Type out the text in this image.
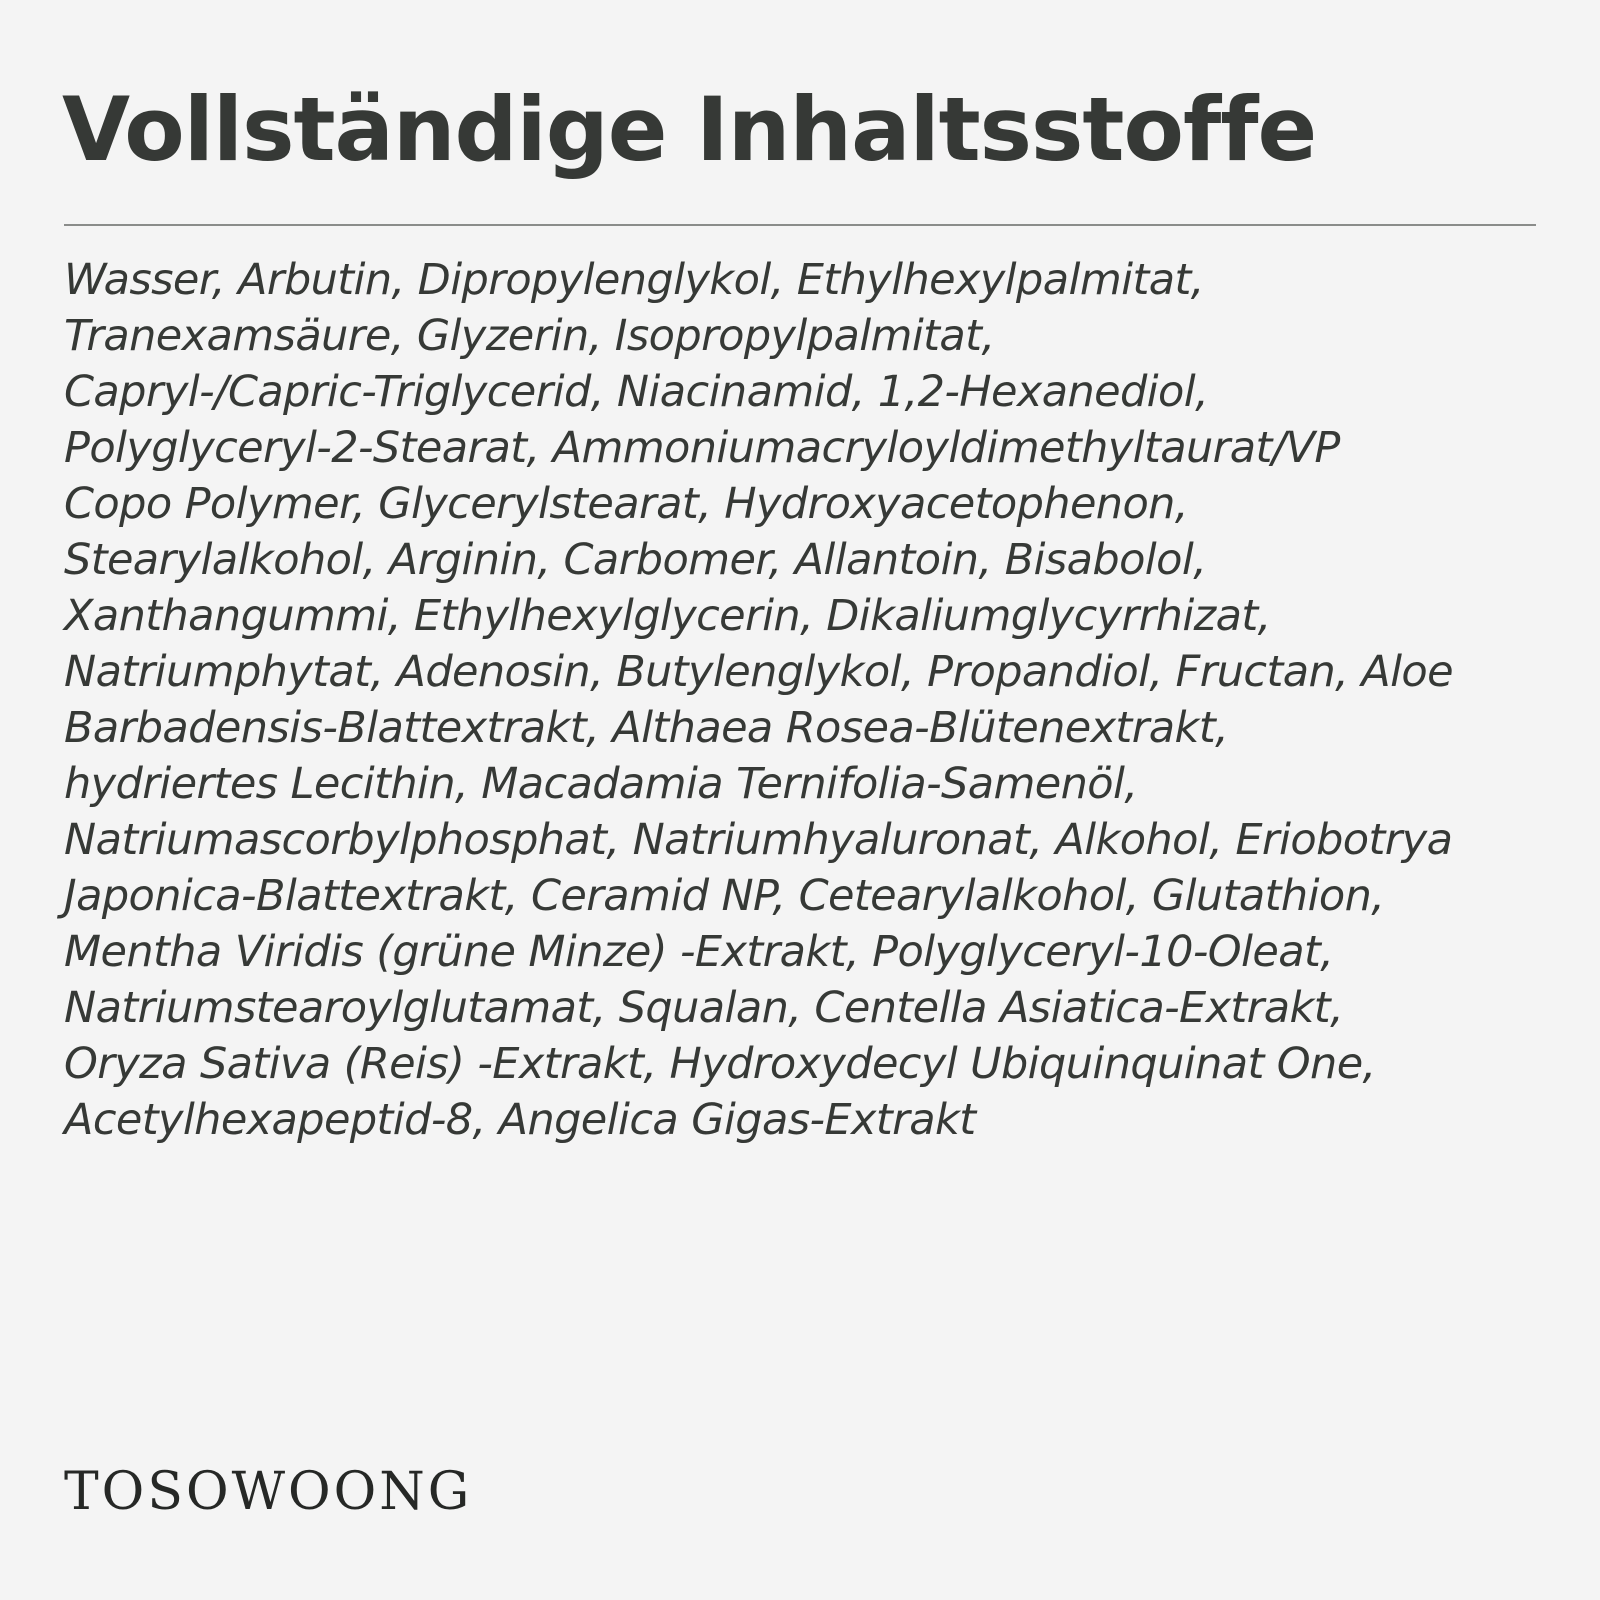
Vollständige Inhaltsstoffe

Wasser, Arbutin, Dipropylenglykol, Ethylhexylpalmitat,
Tranexamsäure, Glyzerin, Isopropylpalmitat,
Capryl-/Capric-Triglycerid, Niacinamid, 1,2-Hexanediol,
Polyglyceryl-2-Stearat, Ammoniumacryloyldimethyltaurat/VP
Copo Polymer, Glycerylstearat, Hydroxyacetophenon,
Stearylalkohol, Arginin, Carbomer, Allantoin, Bisabolol,
Xanthangummi, Ethylhexylglycerin, Dikaliumglycyrrhizat,
Natriumphytat, Adenosin, Butylenglykol, Propandiol, Fructan, Aloe
Barbadensis-Blattextrakt, Althaea Rosea-Blütenextrakt,
hydriertes Lecithin, Macadamia Ternifolia-Samenöl,
Natriumascorbylphosphat, Natriumhyaluronat, Alkohol, Eriobotrya
Japonica-Blattextrakt, Ceramid NP, Cetearylalkohol, Glutathion,
Mentha Viridis (grüne Minze) -Extrakt, Polyglyceryl-10-Oleat,
Natriumstearoylglutamat, Squalan, Centella Asiatica-Extrakt,
Oryza Sativa (Reis) -Extrakt, Hydroxydecyl Ubiquinquinat One,
Acetylhexapeptid-8, Angelica Gigas-Extrakt

TOSOWOONG
